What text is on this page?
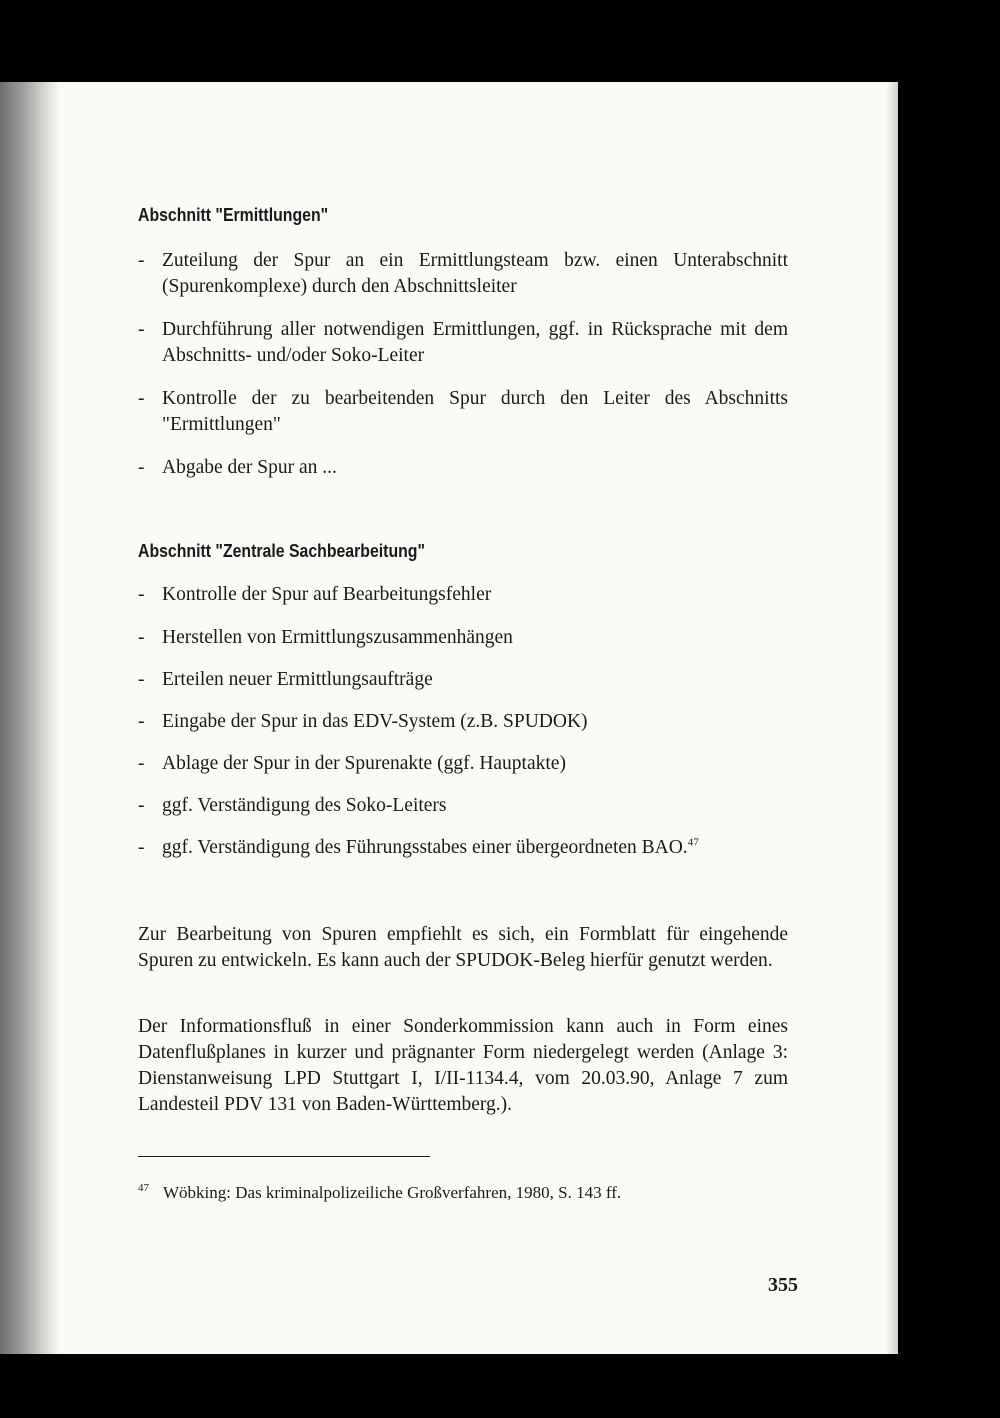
Abschnitt "Ermittlungen"
- Zuteilung der Spur an ein Ermittlungsteam bzw. einen Unterabschnitt (Spurenkomplexe) durch den Abschnittsleiter
- Durchführung aller notwendigen Ermittlungen, ggf. in Rücksprache mit dem Abschnitts- und/oder Soko-Leiter
- Kontrolle der zu bearbeitenden Spur durch den Leiter des Abschnitts "Ermittlungen"
- Abgabe der Spur an ...
Abschnitt "Zentrale Sachbearbeitung"
- Kontrolle der Spur auf Bearbeitungsfehler
- Herstellen von Ermittlungszusammenhängen
- Erteilen neuer Ermittlungsaufträge
- Eingabe der Spur in das EDV-System (z.B. SPUDOK)
- Ablage der Spur in der Spurenakte (ggf. Hauptakte)
- ggf. Verständigung des Soko-Leiters
- ggf. Verständigung des Führungsstabes einer übergeordneten BAO.$^{47}$
Zur Bearbeitung von Spuren empfiehlt es sich, ein Formblatt für eingehende Spuren zu entwickeln. Es kann auch der SPUDOK-Beleg hierfür genutzt werden.
Der Informationsfluß in einer Sonderkommission kann auch in Form eines Datenflußplanes in kurzer und prägnanter Form niedergelegt werden (Anlage 3: Dienstanweisung LPD Stuttgart I, I/II-1134.4, vom 20.03.90, Anlage 7 zum Landesteil PDV 131 von Baden-Württemberg.).
$^{47}$ Wöbking: Das kriminalpolizeiliche Großverfahren, 1980, S. 143 ff.
355
